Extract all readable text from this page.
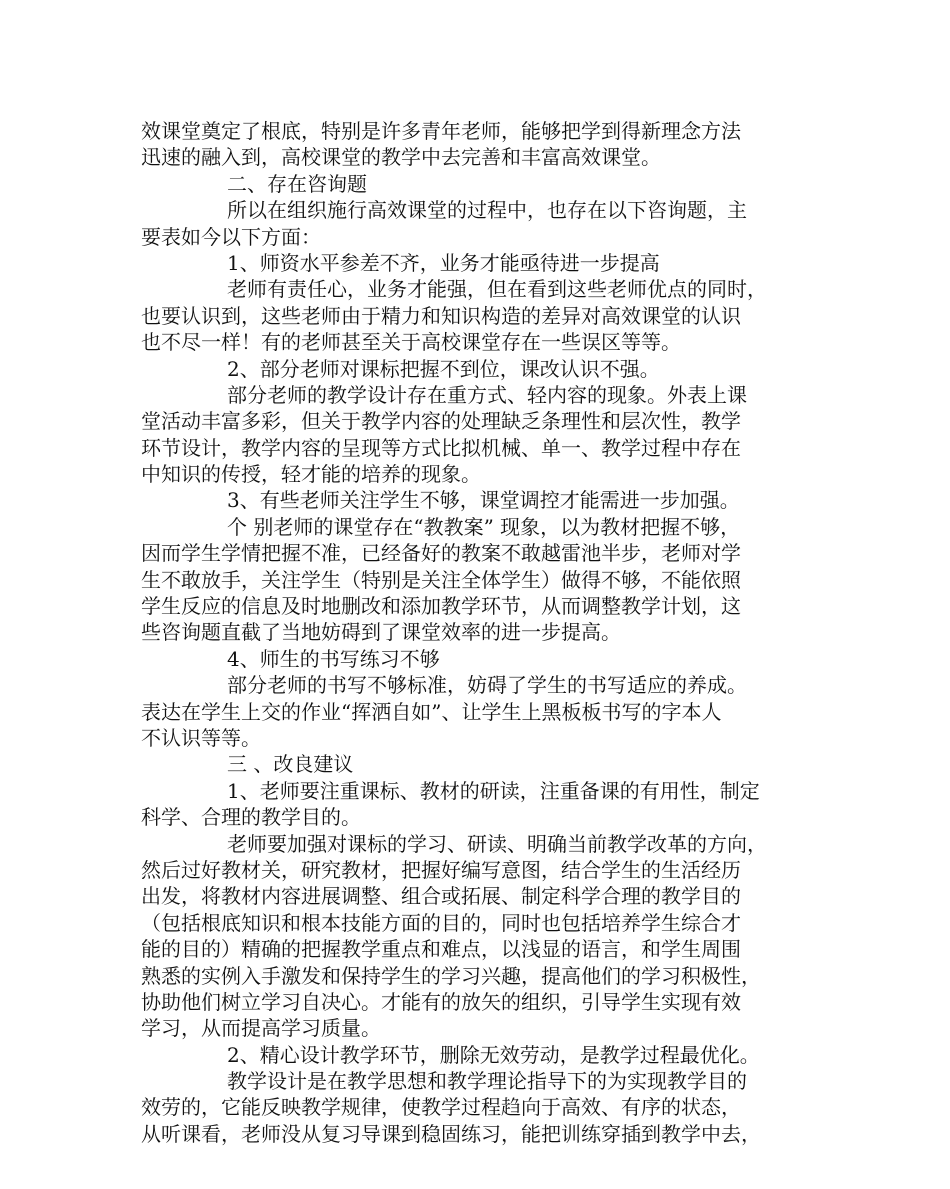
效课堂奠定了根底，特别是许多青年老师，能够把学到得新理念方法
迅速的融入到，高校课堂的教学中去完善和丰富高效课堂。
二、存在咨询题
所以在组织施行高效课堂的过程中，也存在以下咨询题，主
要表如今以下方面：
1、师资水平参差不齐，业务才能亟待进一步提高
老师有责任心，业务才能强，但在看到这些老师优点的同时，
也要认识到，这些老师由于精力和知识构造的差异对高效课堂的认识
也不尽一样！有的老师甚至关于高校课堂存在一些误区等等。
2、部分老师对课标把握不到位，课改认识不强。
部分老师的教学设计存在重方式、轻内容的现象。外表上课
堂活动丰富多彩，但关于教学内容的处理缺乏条理性和层次性，教学
环节设计，教学内容的呈现等方式比拟机械、单一、教学过程中存在
中知识的传授，轻才能的培养的现象。
3、有些老师关注学生不够，课堂调控才能需进一步加强。
个 别老师的课堂存在“教教案” 现象，以为教材把握不够，
因而学生学情把握不准，已经备好的教案不敢越雷池半步，老师对学
生不敢放手，关注学生（特别是关注全体学生）做得不够，不能依照
学生反应的信息及时地删改和添加教学环节，从而调整教学计划，这
些咨询题直截了当地妨碍到了课堂效率的进一步提高。
4、师生的书写练习不够
部分老师的书写不够标准，妨碍了学生的书写适应的养成。
表达在学生上交的作业“挥洒自如”、让学生上黑板板书写的字本人
不认识等等。
三 、改良建议
1、老师要注重课标、教材的研读，注重备课的有用性，制定
科学、合理的教学目的。
老师要加强对课标的学习、研读、明确当前教学改革的方向，
然后过好教材关，研究教材，把握好编写意图，结合学生的生活经历
出发，将教材内容进展调整、组合或拓展、制定科学合理的教学目的
（包括根底知识和根本技能方面的目的，同时也包括培养学生综合才
能的目的）精确的把握教学重点和难点，以浅显的语言，和学生周围
熟悉的实例入手激发和保持学生的学习兴趣，提高他们的学习积极性，
协助他们树立学习自决心。才能有的放矢的组织，引导学生实现有效
学习，从而提高学习质量。
2、精心设计教学环节，删除无效劳动，是教学过程最优化。
教学设计是在教学思想和教学理论指导下的为实现教学目的
效劳的，它能反映教学规律，使教学过程趋向于高效、有序的状态，
从听课看，老师没从复习导课到稳固练习，能把训练穿插到教学中去，
